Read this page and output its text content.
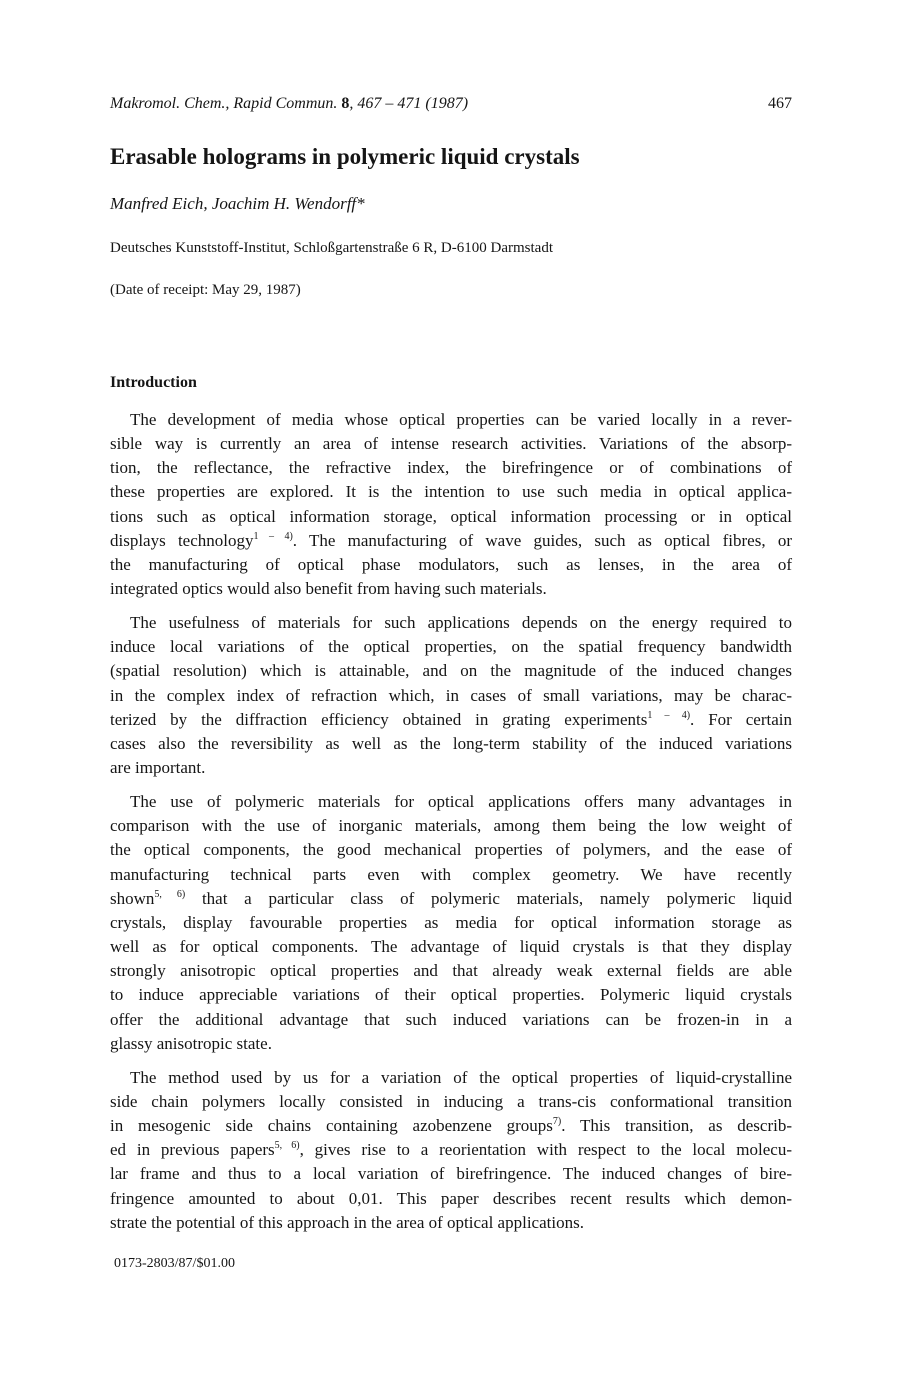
Makromol. Chem., Rapid Commun. 8, 467 – 471 (1987)	467
Erasable holograms in polymeric liquid crystals
Manfred Eich, Joachim H. Wendorff*
Deutsches Kunststoff-Institut, Schloßgartenstraße 6 R, D-6100 Darmstadt
(Date of receipt: May 29, 1987)
Introduction
The development of media whose optical properties can be varied locally in a rever-
sible way is currently an area of intense research activities. Variations of the absorp-
tion, the reflectance, the refractive index, the birefringence or of combinations of
these properties are explored. It is the intention to use such media in optical applica-
tions such as optical information storage, optical information processing or in optical
displays technology$^{1 - 4)}$. The manufacturing of wave guides, such as optical fibres, or
the manufacturing of optical phase modulators, such as lenses, in the area of
integrated optics would also benefit from having such materials.
The usefulness of materials for such applications depends on the energy required to
induce local variations of the optical properties, on the spatial frequency bandwidth
(spatial resolution) which is attainable, and on the magnitude of the induced changes
in the complex index of refraction which, in cases of small variations, may be charac-
terized by the diffraction efficiency obtained in grating experiments$^{1 - 4)}$. For certain
cases also the reversibility as well as the long-term stability of the induced variations
are important.
The use of polymeric materials for optical applications offers many advantages in
comparison with the use of inorganic materials, among them being the low weight of
the optical components, the good mechanical properties of polymers, and the ease of
manufacturing technical parts even with complex geometry. We have recently
shown$^{5, 6)}$ that a particular class of polymeric materials, namely polymeric liquid
crystals, display favourable properties as media for optical information storage as
well as for optical components. The advantage of liquid crystals is that they display
strongly anisotropic optical properties and that already weak external fields are able
to induce appreciable variations of their optical properties. Polymeric liquid crystals
offer the additional advantage that such induced variations can be frozen-in in a
glassy anisotropic state.
The method used by us for a variation of the optical properties of liquid-crystalline
side chain polymers locally consisted in inducing a trans-cis conformational transition
in mesogenic side chains containing azobenzene groups$^{7)}$. This transition, as describ-
ed in previous papers$^{5, 6)}$, gives rise to a reorientation with respect to the local molecu-
lar frame and thus to a local variation of birefringence. The induced changes of bire-
fringence amounted to about 0,01. This paper describes recent results which demon-
strate the potential of this approach in the area of optical applications.
0173-2803/87/$01.00
